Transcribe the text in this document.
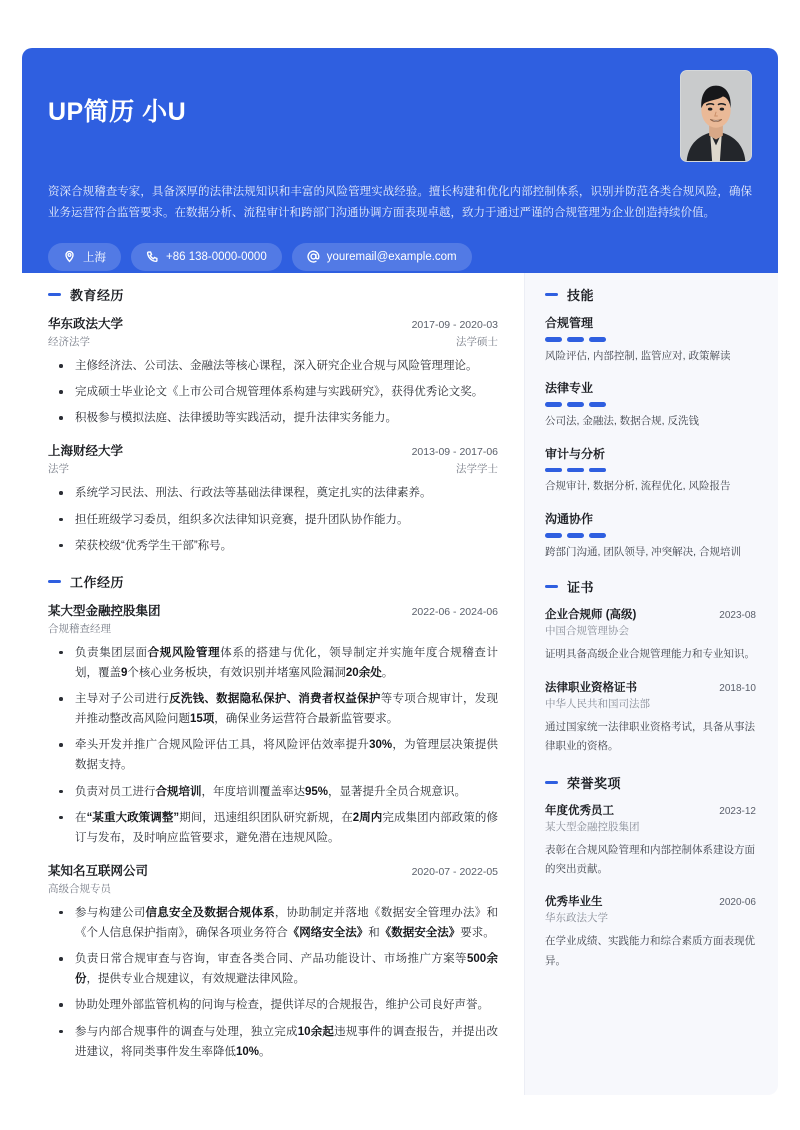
UP简历 小U
资深合规稽查专家，具备深厚的法律法规知识和丰富的风险管理实战经验。擅长构建和优化内部控制体系，识别并防范各类合规风险，确保业务运营符合监管要求。在数据分析、流程审计和跨部门沟通协调方面表现卓越，致力于通过严谨的合规管理为企业创造持续价值。
上海	+86 138-0000-0000	youremail@example.com
教育经历
华东政法大学	2017-09 - 2020-03
经济法学	法学硕士
主修经济法、公司法、金融法等核心课程，深入研究企业合规与风险管理理论。
完成硕士毕业论文《上市公司合规管理体系构建与实践研究》，获得优秀论文奖。
积极参与模拟法庭、法律援助等实践活动，提升法律实务能力。
上海财经大学	2013-09 - 2017-06
法学	法学学士
系统学习民法、刑法、行政法等基础法律课程，奠定扎实的法律素养。
担任班级学习委员，组织多次法律知识竞赛，提升团队协作能力。
荣获校级“优秀学生干部”称号。
工作经历
某大型金融控股集团	2022-06 - 2024-06
合规稽查经理
负责集团层面合规风险管理体系的搭建与优化，领导制定并实施年度合规稽查计划，覆盖9个核心业务板块，有效识别并堵塞风险漏洞20余处。
主导对子公司进行反洗钱、数据隐私保护、消费者权益保护等专项合规审计，发现并推动整改高风险问题15项，确保业务运营符合最新监管要求。
牵头开发并推广合规风险评估工具，将风险评估效率提升30%，为管理层决策提供数据支持。
负责对员工进行合规培训，年度培训覆盖率达95%，显著提升全员合规意识。
在“某重大政策调整”期间，迅速组织团队研究新规，在2周内完成集团内部政策的修订与发布，及时响应监管要求，避免潜在违规风险。
某知名互联网公司	2020-07 - 2022-05
高级合规专员
参与构建公司信息安全及数据合规体系，协助制定并落地《数据安全管理办法》和《个人信息保护指南》，确保各项业务符合《网络安全法》和《数据安全法》要求。
负责日常合规审查与咨询，审查各类合同、产品功能设计、市场推广方案等500余份，提供专业合规建议，有效规避法律风险。
协助处理外部监管机构的问询与检查，提供详尽的合规报告，维护公司良好声誉。
参与内部合规事件的调查与处理，独立完成10余起违规事件的调查报告，并提出改进建议，将同类事件发生率降低10%。
技能
合规管理
风险评估, 内部控制, 监管应对, 政策解读
法律专业
公司法, 金融法, 数据合规, 反洗钱
审计与分析
合规审计, 数据分析, 流程优化, 风险报告
沟通协作
跨部门沟通, 团队领导, 冲突解决, 合规培训
证书
企业合规师 (高级)	2023-08
中国合规管理协会
证明具备高级企业合规管理能力和专业知识。
法律职业资格证书	2018-10
中华人民共和国司法部
通过国家统一法律职业资格考试，具备从事法律职业的资格。
荣誉奖项
年度优秀员工	2023-12
某大型金融控股集团
表彰在合规风险管理和内部控制体系建设方面的突出贡献。
优秀毕业生	2020-06
华东政法大学
在学业成绩、实践能力和综合素质方面表现优异。
